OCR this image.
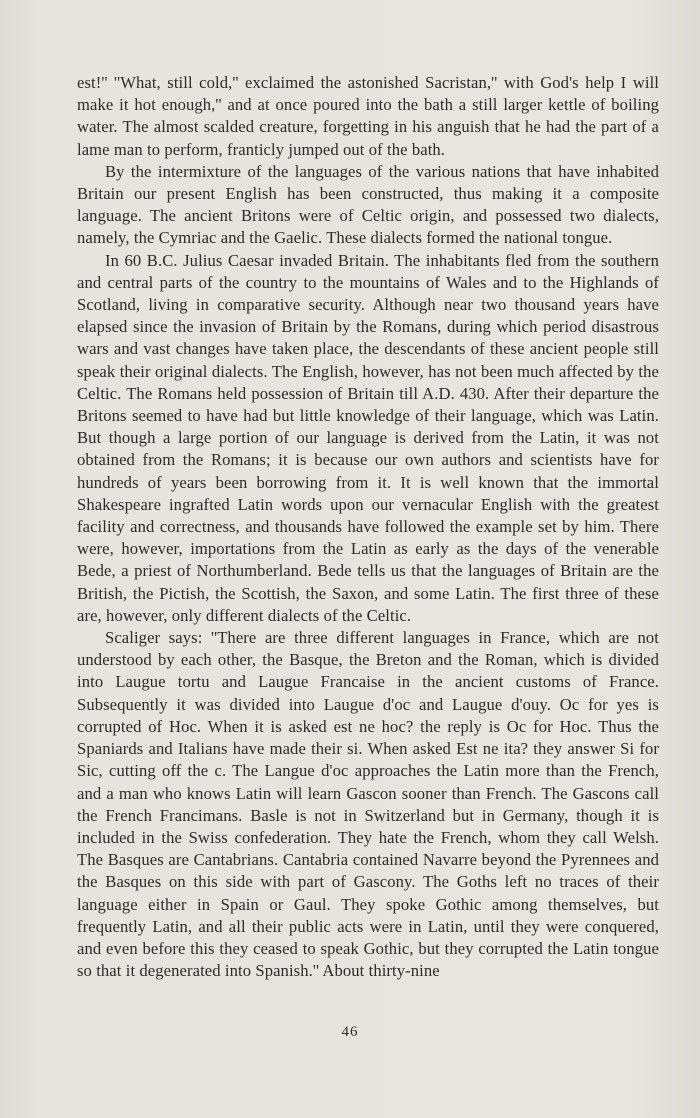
est!'' ''What, still cold,'' exclaimed the astonished Sacristan,'' with God's help I will make it hot enough,'' and at once poured into the bath a still larger kettle of boiling water. The almost scalded creature, forgetting in his anguish that he had the part of a lame man to perform, franticly jumped out of the bath.

By the intermixture of the languages of the various nations that have inhabited Britain our present English has been constructed, thus making it a composite language. The ancient Britons were of Celtic origin, and possessed two dialects, namely, the Cymriac and the Gaelic. These dialects formed the national tongue.

In 60 B.C. Julius Caesar invaded Britain. The inhabitants fled from the southern and central parts of the country to the mountains of Wales and to the Highlands of Scotland, living in comparative security. Although near two thousand years have elapsed since the invasion of Britain by the Romans, during which period disastrous wars and vast changes have taken place, the descendants of these ancient people still speak their original dialects. The English, however, has not been much affected by the Celtic. The Romans held possession of Britain till A.D. 430. After their departure the Britons seemed to have had but little knowledge of their language, which was Latin. But though a large portion of our language is derived from the Latin, it was not obtained from the Romans; it is because our own authors and scientists have for hundreds of years been borrowing from it. It is well known that the immortal Shakespeare ingrafted Latin words upon our vernacular English with the greatest facility and correctness, and thousands have followed the example set by him. There were, however, importations from the Latin as early as the days of the venerable Bede, a priest of Northumberland. Bede tells us that the languages of Britain are the British, the Pictish, the Scottish, the Saxon, and some Latin. The first three of these are, however, only different dialects of the Celtic.

Scaliger says: ''There are three different languages in France, which are not understood by each other, the Basque, the Breton and the Roman, which is divided into Laugue tortu and Laugue Francaise in the ancient customs of France. Subsequently it was divided into Laugue d'oc and Laugue d'ouy. Oc for yes is corrupted of Hoc. When it is asked est ne hoc? the reply is Oc for Hoc. Thus the Spaniards and Italians have made their si. When asked Est ne ita? they answer Si for Sic, cutting off the c. The Langue d'oc approaches the Latin more than the French, and a man who knows Latin will learn Gascon sooner than French. The Gascons call the French Francimans. Basle is not in Switzerland but in Germany, though it is included in the Swiss confederation. They hate the French, whom they call Welsh. The Basques are Cantabrians. Cantabria contained Navarre beyond the Pyrennees and the Basques on this side with part of Gascony. The Goths left no traces of their language either in Spain or Gaul. They spoke Gothic among themselves, but frequently Latin, and all their public acts were in Latin, until they were conquered, and even before this they ceased to speak Gothic, but they corrupted the Latin tongue so that it degenerated into Spanish.'' About thirty-nine

46
